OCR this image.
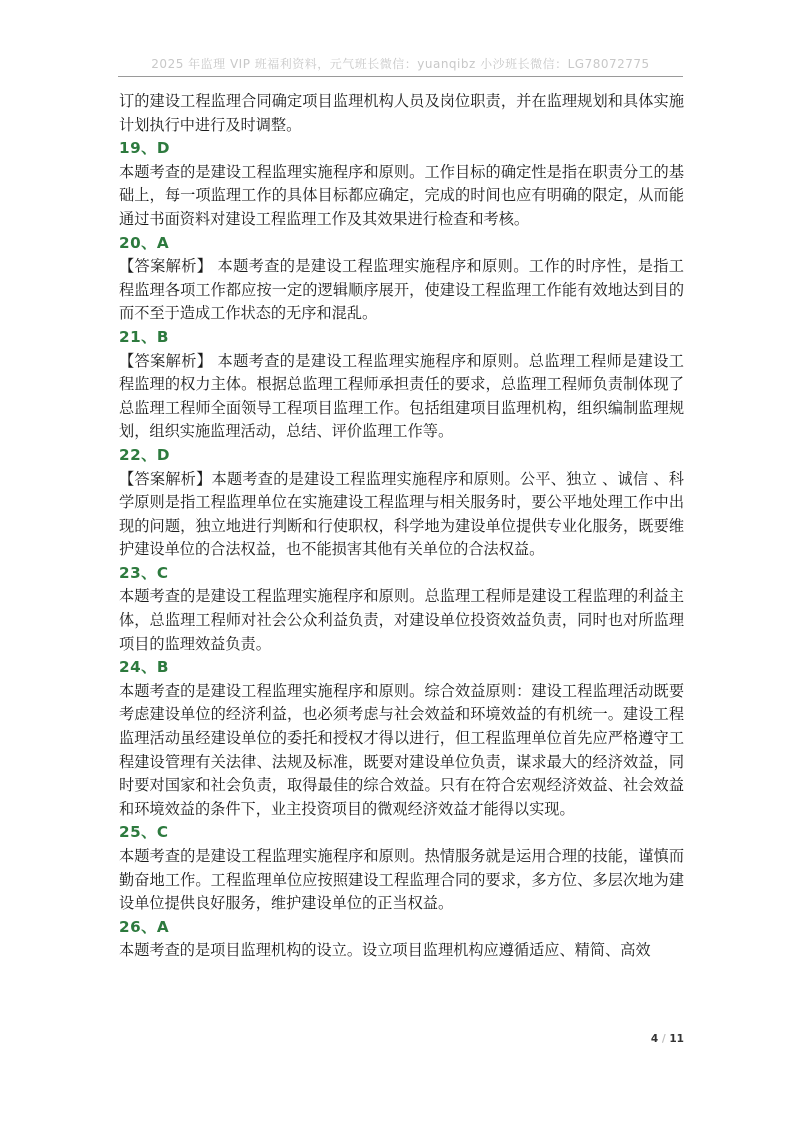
2025 年监理 VIP 班福利资料，元气班长微信：yuanqibz 小沙班长微信：LG78072775

订的建设工程监理合同确定项目监理机构人员及岗位职责，并在监理规划和具体实施计划执行中进行及时调整。

19、D

本题考查的是建设工程监理实施程序和原则。工作目标的确定性是指在职责分工的基础上，每一项监理工作的具体目标都应确定，完成的时间也应有明确的限定，从而能通过书面资料对建设工程监理工作及其效果进行检查和考核。

20、A

【答案解析】 本题考查的是建设工程监理实施程序和原则。工作的时序性，是指工程监理各项工作都应按一定的逻辑顺序展开，使建设工程监理工作能有效地达到目的而不至于造成工作状态的无序和混乱。

21、B

【答案解析】 本题考查的是建设工程监理实施程序和原则。总监理工程师是建设工程监理的权力主体。根据总监理工程师承担责任的要求，总监理工程师负责制体现了总监理工程师全面领导工程项目监理工作。包括组建项目监理机构，组织编制监理规划，组织实施监理活动，总结、评价监理工作等。

22、D

【答案解析】本题考查的是建设工程监理实施程序和原则。公平、独立 、诚信 、科学原则是指工程监理单位在实施建设工程监理与相关服务时，要公平地处理工作中出现的问题，独立地进行判断和行使职权，科学地为建设单位提供专业化服务，既要维护建设单位的合法权益，也不能损害其他有关单位的合法权益。

23、C

本题考查的是建设工程监理实施程序和原则。总监理工程师是建设工程监理的利益主体，总监理工程师对社会公众利益负责，对建设单位投资效益负责，同时也对所监理项目的监理效益负责。

24、B

本题考查的是建设工程监理实施程序和原则。综合效益原则：建设工程监理活动既要考虑建设单位的经济利益，也必须考虑与社会效益和环境效益的有机统一。建设工程监理活动虽经建设单位的委托和授权才得以进行，但工程监理单位首先应严格遵守工程建设管理有关法律、法规及标准，既要对建设单位负责，谋求最大的经济效益，同时要对国家和社会负责，取得最佳的综合效益。只有在符合宏观经济效益、社会效益和环境效益的条件下，业主投资项目的微观经济效益才能得以实现。

25、C

本题考查的是建设工程监理实施程序和原则。热情服务就是运用合理的技能，谨慎而勤奋地工作。工程监理单位应按照建设工程监理合同的要求，多方位、多层次地为建设单位提供良好服务，维护建设单位的正当权益。

26、A

本题考查的是项目监理机构的设立。设立项目监理机构应遵循适应、精简、高效

4 / 11
